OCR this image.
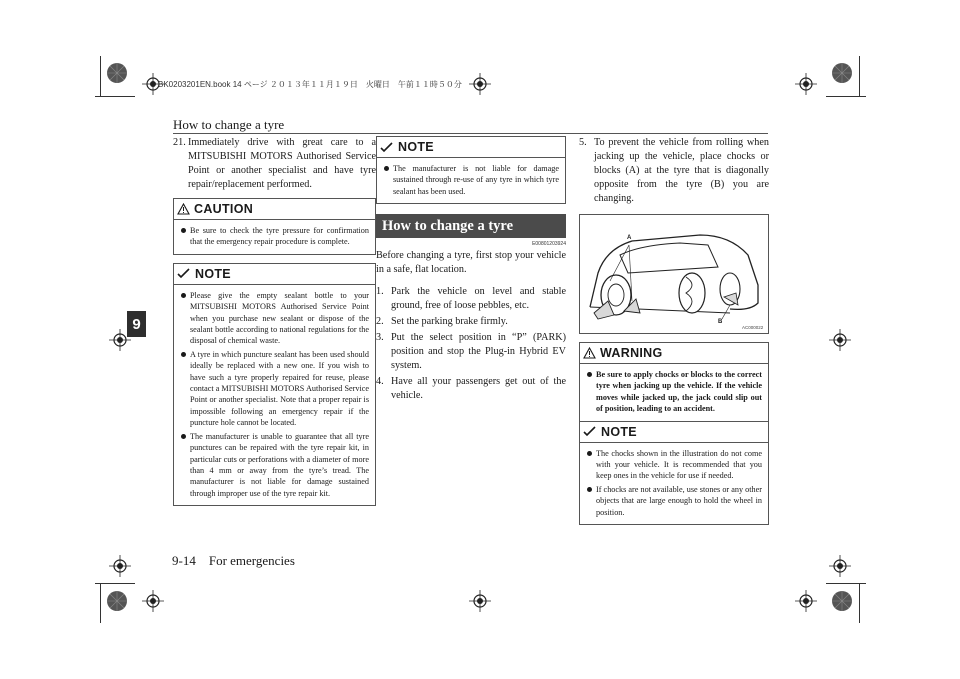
BK0203201EN.book 14 ページ ２０１３年１１月１９日　火曜日　午前１１時５０分
How to change a tyre
9
9-14 For emergencies
21. Immediately drive with great care to a MITSUBISHI MOTORS Authorised Service Point or another specialist and have tyre repair/replacement performed.
CAUTION
Be sure to check the tyre pressure for confirmation that the emergency repair procedure is complete.
NOTE
Please give the empty sealant bottle to your MITSUBISHI MOTORS Authorised Service Point when you purchase new sealant or dispose of the sealant bottle according to national regulations for the disposal of chemical waste.
A tyre in which puncture sealant has been used should ideally be replaced with a new one. If you wish to have such a tyre properly repaired for reuse, please contact a MITSUBISHI MOTORS Authorised Service Point or another specialist. Note that a proper repair is impossible following an emergency repair if the puncture hole cannot be located.
The manufacturer is unable to guarantee that all tyre punctures can be repaired with the tyre repair kit, in particular cuts or perforations with a diameter of more than 4 mm or away from the tyre’s tread. The manufacturer is not liable for damage sustained through improper use of the tyre repair kit.
NOTE
The manufacturer is not liable for damage sustained through re-use of any tyre in which tyre sealant has been used.
How to change a tyre
E00801203924
Before changing a tyre, first stop your vehicle in a safe, flat location.
1. Park the vehicle on level and stable ground, free of loose pebbles, etc.
2. Set the parking brake firmly.
3. Put the select position in “P” (PARK) position and stop the Plug-in Hybrid EV system.
4. Have all your passengers get out of the vehicle.
5. To prevent the vehicle from rolling when jacking up the vehicle, place chocks or blocks (A) at the tyre that is diagonally opposite from the tyre (B) you are changing.
A
B
AC000022
WARNING
Be sure to apply chocks or blocks to the correct tyre when jacking up the vehicle. If the vehicle moves while jacked up, the jack could slip out of position, leading to an accident.
NOTE
The chocks shown in the illustration do not come with your vehicle. It is recommended that you keep ones in the vehicle for use if needed.
If chocks are not available, use stones or any other objects that are large enough to hold the wheel in position.
